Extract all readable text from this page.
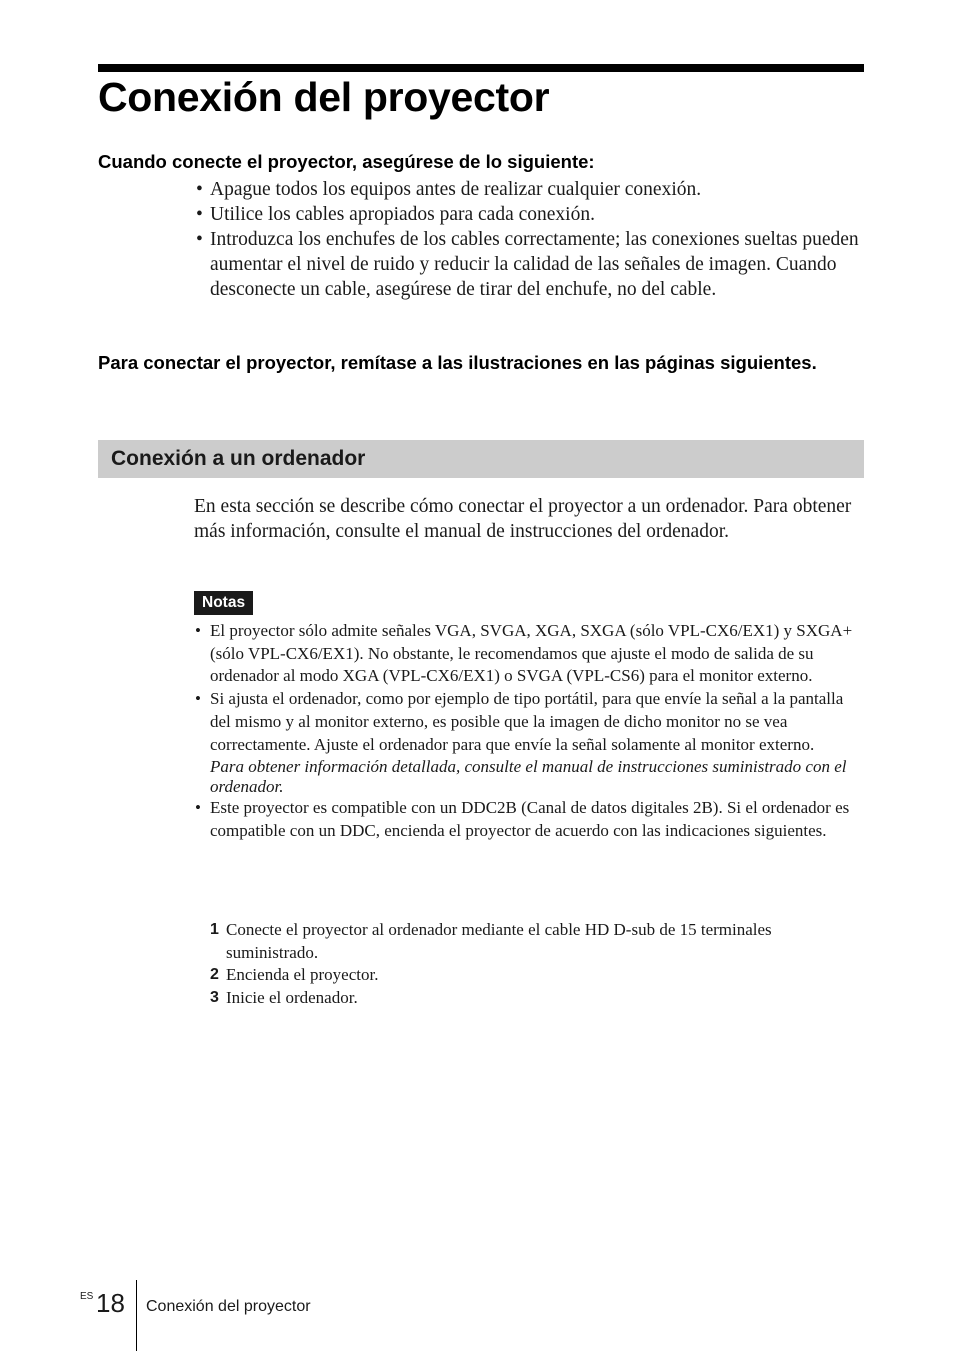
Conexión del proyector

Cuando conecte el proyector, asegúrese de lo siguiente:

• Apague todos los equipos antes de realizar cualquier conexión.
• Utilice los cables apropiados para cada conexión.
• Introduzca los enchufes de los cables correctamente; las conexiones sueltas pueden aumentar el nivel de ruido y reducir la calidad de las señales de imagen. Cuando desconecte un cable, asegúrese de tirar del enchufe, no del cable.

Para conectar el proyector, remítase a las ilustraciones en las páginas siguientes.

Conexión a un ordenador

En esta sección se describe cómo conectar el proyector a un ordenador. Para obtener más información, consulte el manual de instrucciones del ordenador.

Notas
• El proyector sólo admite señales VGA, SVGA, XGA, SXGA (sólo VPL-CX6/EX1) y SXGA+ (sólo VPL-CX6/EX1). No obstante, le recomendamos que ajuste el modo de salida de su ordenador al modo XGA (VPL-CX6/EX1) o SVGA (VPL-CS6) para el monitor externo.
• Si ajusta el ordenador, como por ejemplo de tipo portátil, para que envíe la señal a la pantalla del mismo y al monitor externo, es posible que la imagen de dicho monitor no se vea correctamente. Ajuste el ordenador para que envíe la señal solamente al monitor externo.
Para obtener información detallada, consulte el manual de instrucciones suministrado con el ordenador.
• Este proyector es compatible con un DDC2B (Canal de datos digitales 2B). Si el ordenador es compatible con un DDC, encienda el proyector de acuerdo con las indicaciones siguientes.
1 Conecte el proyector al ordenador mediante el cable HD D-sub de 15 terminales suministrado.
2 Encienda el proyector.
3 Inicie el ordenador.
ES 18 Conexión del proyector
